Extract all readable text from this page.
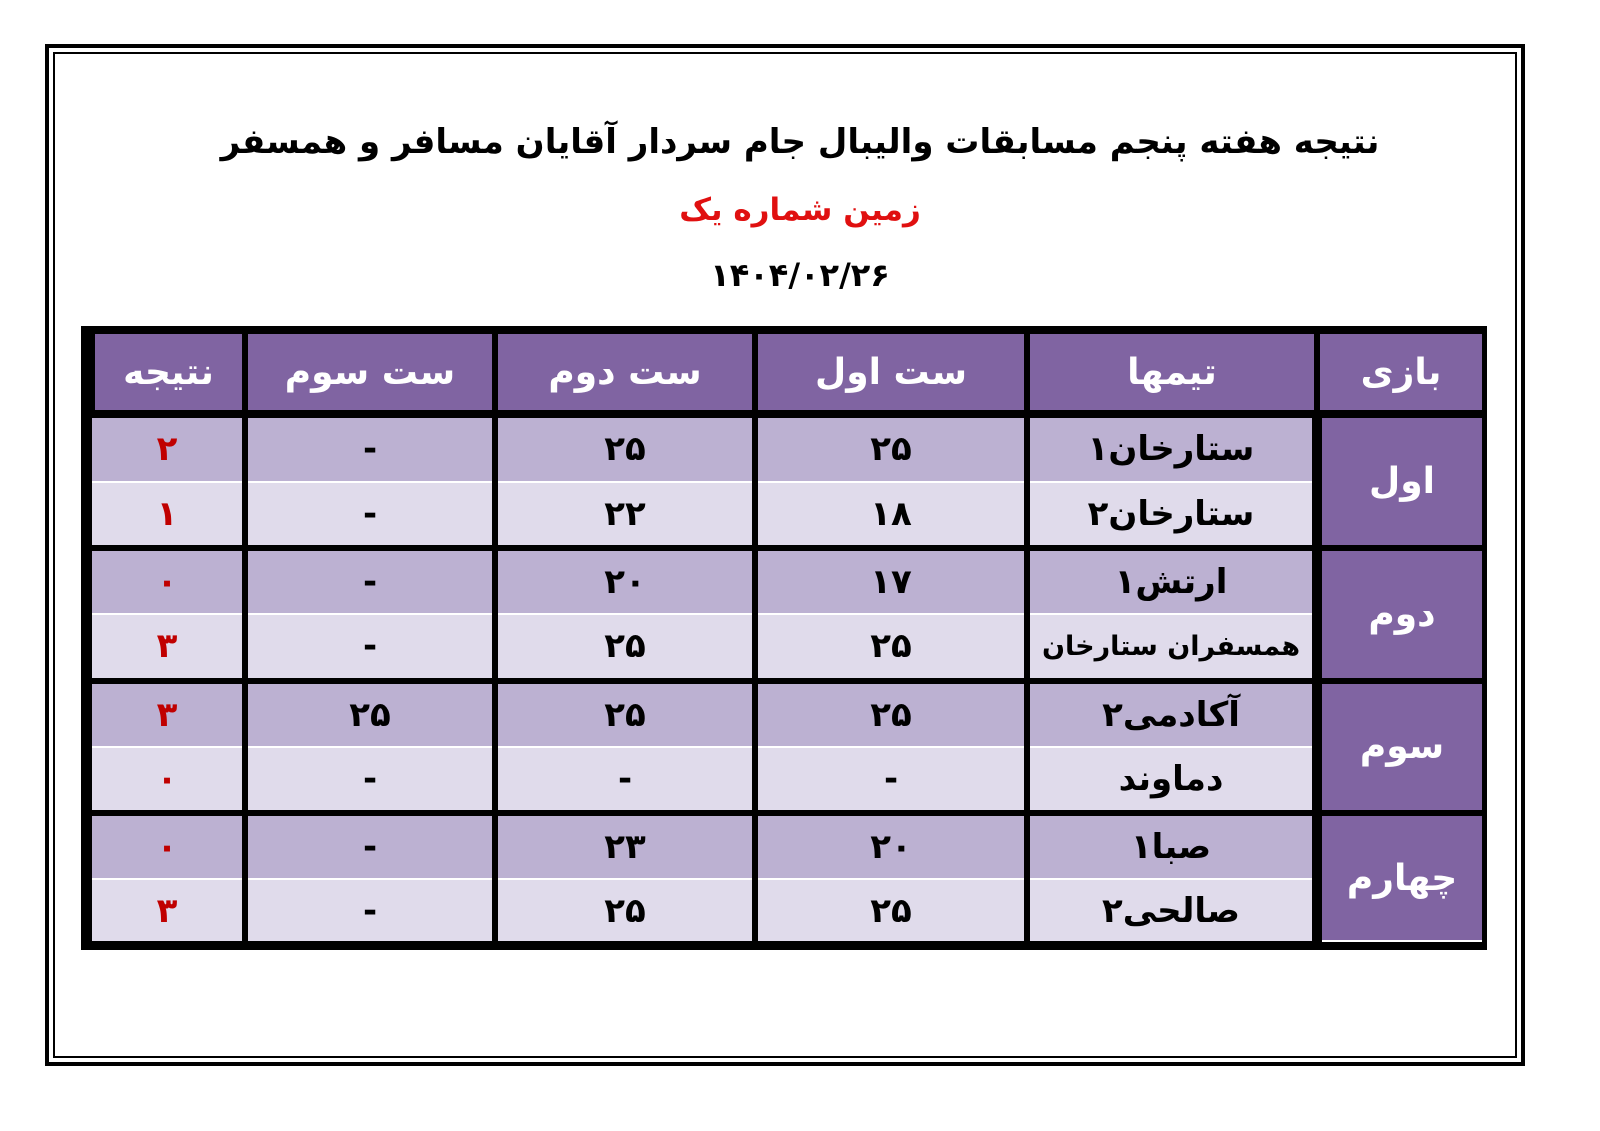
نتیجه هفته پنجم مسابقات والیبال جام سردار آقایان مسافر و همسفر
زمین شماره یک
۱۴۰۴/۰۲/۲۶
بازی	تیمها	ست اول	ست دوم	ست سوم	نتیجه
اول	ستارخان۱	۲۵	۲۵	-	۲
	ستارخان۲	۱۸	۲۲	-	۱
دوم	ارتش۱	۱۷	۲۰	-	۰
	همسفران ستارخان	۲۵	۲۵	-	۳
سوم	آکادمی۲	۲۵	۲۵	۲۵	۳
	دماوند	-	-	-	۰
چهارم	صبا۱	۲۰	۲۳	-	۰
	صالحی۲	۲۵	۲۵	-	۳
